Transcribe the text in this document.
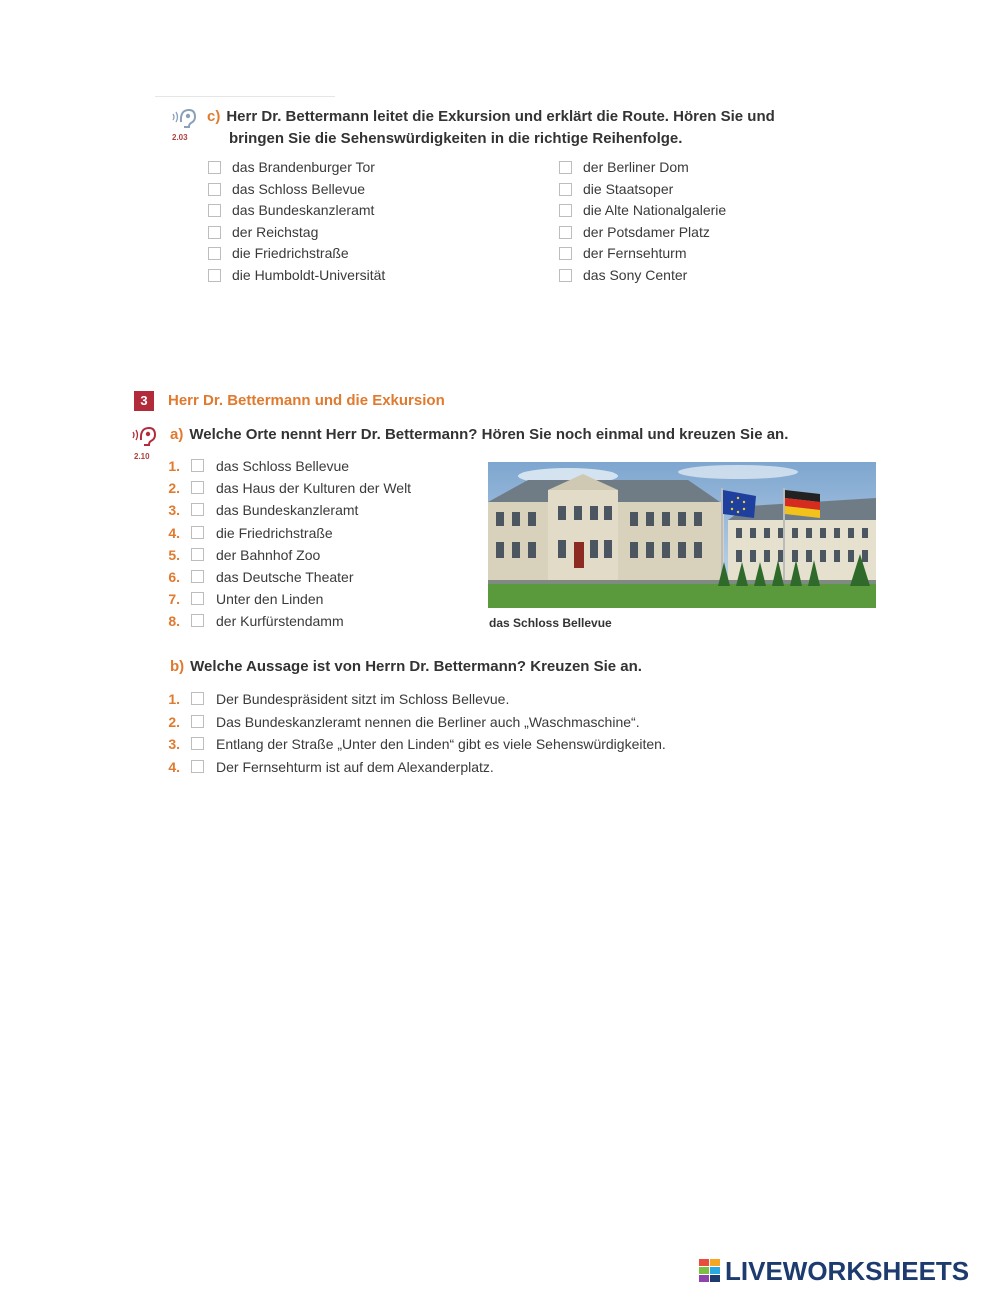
2.03
c) Herr Dr. Bettermann leitet die Exkursion und erklärt die Route. Hören Sie und
bringen Sie die Sehenswürdigkeiten in die richtige Reihenfolge.
das Brandenburger Tor
das Schloss Bellevue
das Bundeskanzleramt
der Reichstag
die Friedrichstraße
die Humboldt-Universität
der Berliner Dom
die Staatsoper
die Alte Nationalgalerie
der Potsdamer Platz
der Fernsehturm
das Sony Center
3	Herr Dr. Bettermann und die Exkursion
2.10
a) Welche Orte nennt Herr Dr. Bettermann? Hören Sie noch einmal und kreuzen Sie an.
1.	das Schloss Bellevue
2.	das Haus der Kulturen der Welt
3.	das Bundeskanzleramt
4.	die Friedrichstraße
5.	der Bahnhof Zoo
6.	das Deutsche Theater
7.	Unter den Linden
8.	der Kurfürstendamm	das Schloss Bellevue
b) Welche Aussage ist von Herrn Dr. Bettermann? Kreuzen Sie an.
1.	Der Bundespräsident sitzt im Schloss Bellevue.
2.	Das Bundeskanzleramt nennen die Berliner auch „Waschmaschine“.
3.	Entlang der Straße „Unter den Linden“ gibt es viele Sehenswürdigkeiten.
4.	Der Fernsehturm ist auf dem Alexanderplatz.
LIVEWORKSHEETS
